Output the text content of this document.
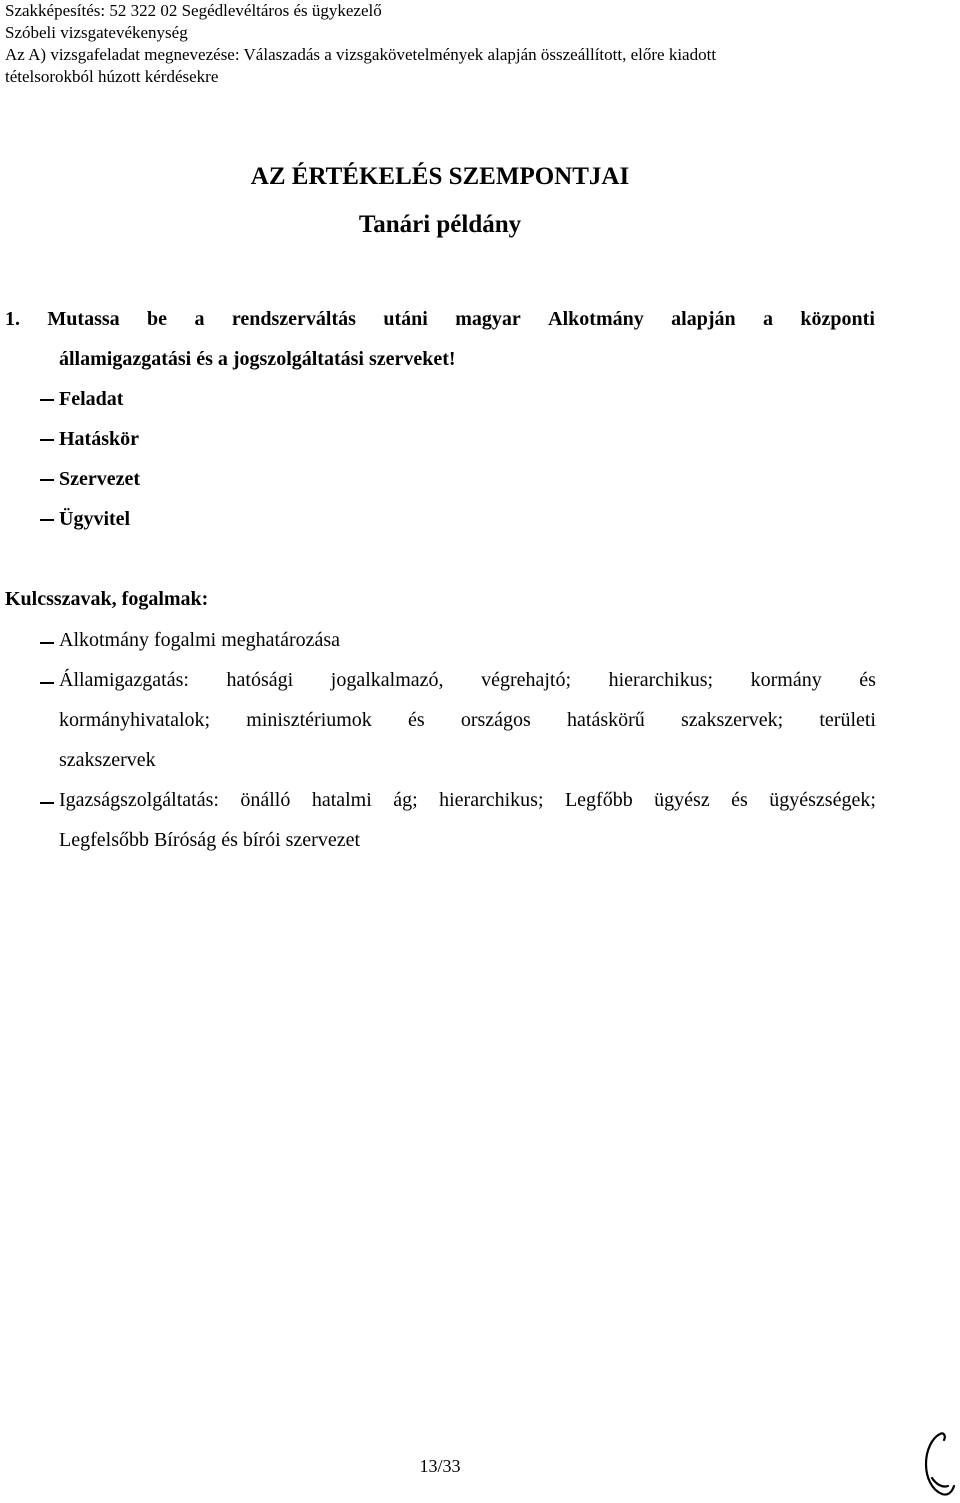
Szakképesítés: 52 322 02 Segédlevéltáros és ügykezelő
Szóbeli vizsgatevékenység
Az A) vizsgafeladat megnevezése: Válaszadás a vizsgakövetelmények alapján összeállított, előre kiadott
tételsorokból húzott kérdésekre
AZ ÉRTÉKELÉS SZEMPONTJAI
Tanári példány
1. Mutassa be a rendszerváltás utáni magyar Alkotmány alapján a központi
államigazgatási és a jogszolgáltatási szerveket!
Feladat
Hatáskör
Szervezet
Ügyvitel
Kulcsszavak, fogalmak:
Alkotmány fogalmi meghatározása
Államigazgatás: hatósági jogalkalmazó, végrehajtó; hierarchikus; kormány és
kormányhivatalok; minisztériumok és országos hatáskörű szakszervek; területi
szakszervek
Igazságszolgáltatás: önálló hatalmi ág; hierarchikus; Legfőbb ügyész és ügyészségek;
Legfelsőbb Bíróság és bírói szervezet
13/33
